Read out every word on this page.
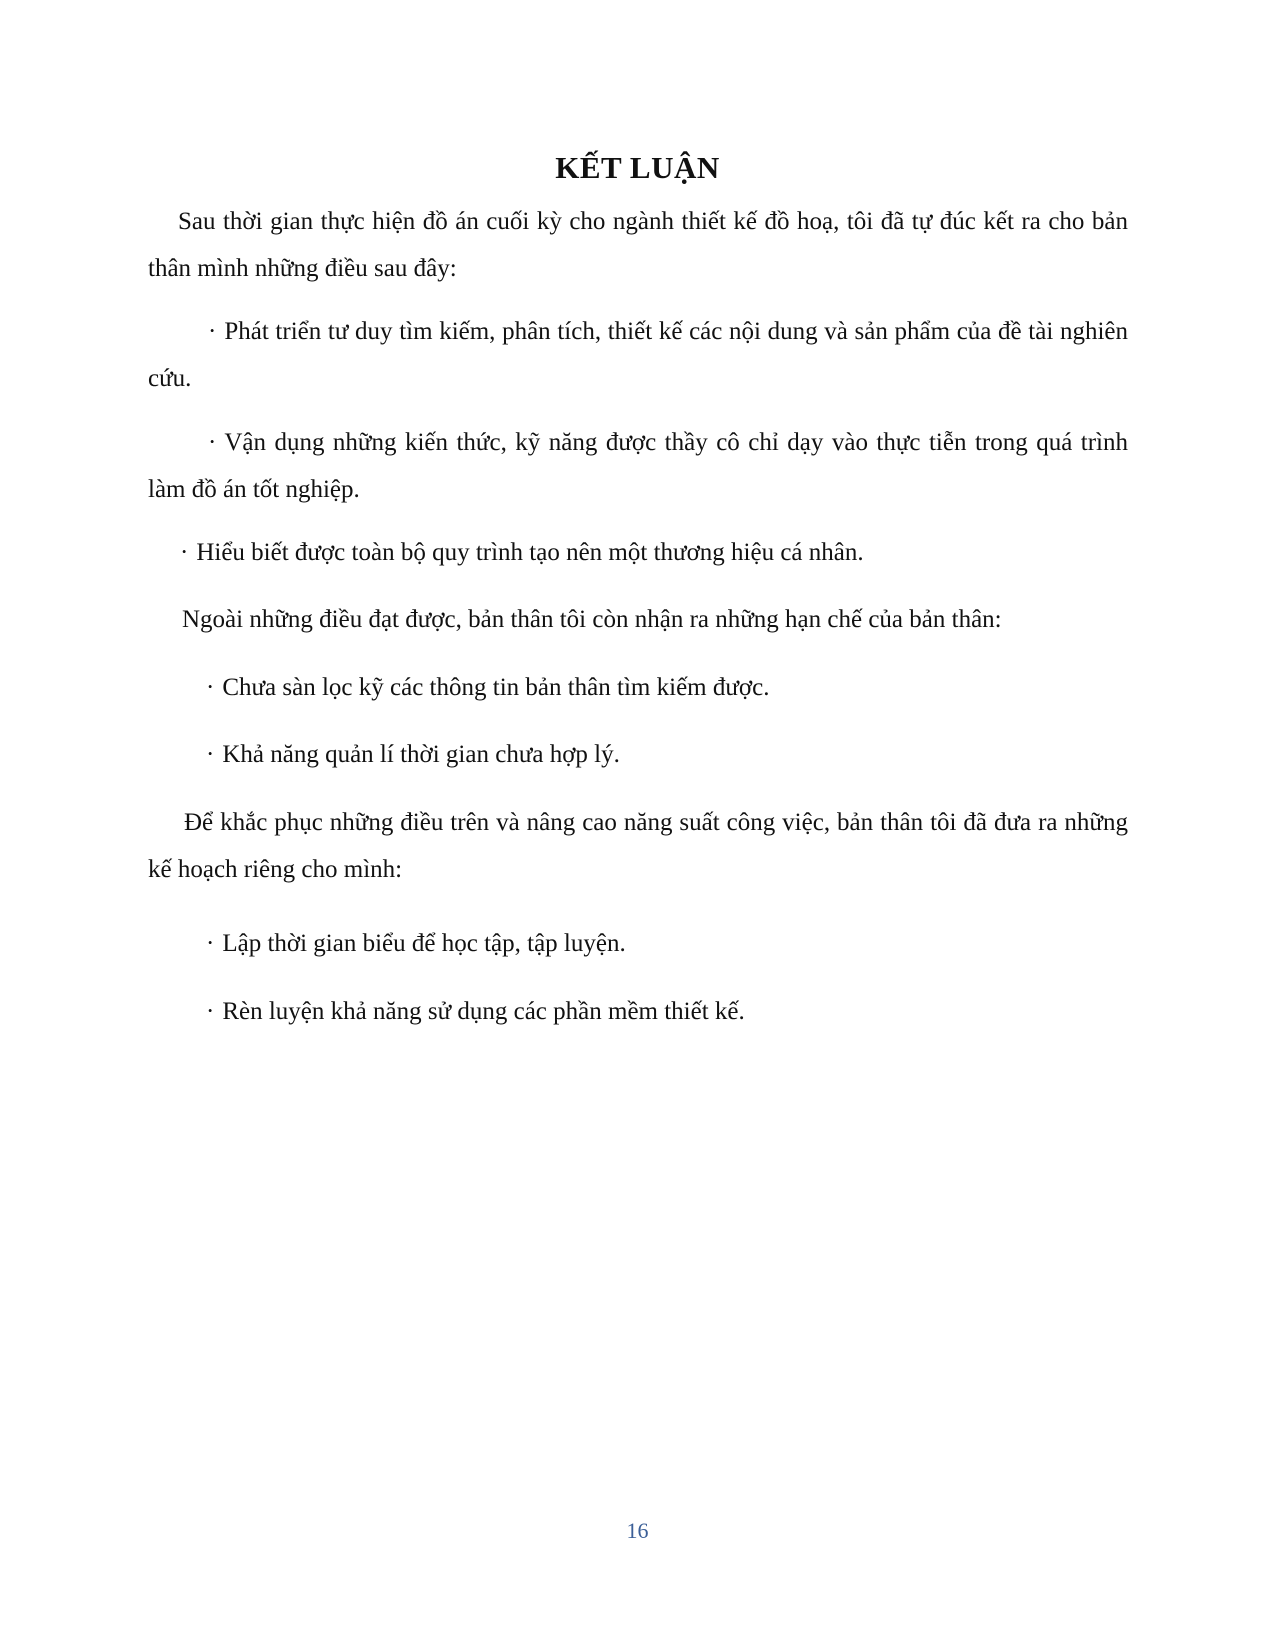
KẾT LUẬN

Sau thời gian thực hiện đồ án cuối kỳ cho ngành thiết kế đồ hoạ, tôi đã tự đúc kết ra cho bản thân mình những điều sau đây:

· Phát triển tư duy tìm kiếm, phân tích, thiết kế các nội dung và sản phẩm của đề tài nghiên cứu.

· Vận dụng những kiến thức, kỹ năng được thầy cô chỉ dạy vào thực tiễn trong quá trình làm đồ án tốt nghiệp.

· Hiểu biết được toàn bộ quy trình tạo nên một thương hiệu cá nhân.

Ngoài những điều đạt được, bản thân tôi còn nhận ra những hạn chế của bản thân:

· Chưa sàn lọc kỹ các thông tin bản thân tìm kiếm được.

· Khả năng quản lí thời gian chưa hợp lý.

Để khắc phục những điều trên và nâng cao năng suất công việc, bản thân tôi đã đưa ra những kế hoạch riêng cho mình:

· Lập thời gian biểu để học tập, tập luyện.

· Rèn luyện khả năng sử dụng các phần mềm thiết kế.

16
